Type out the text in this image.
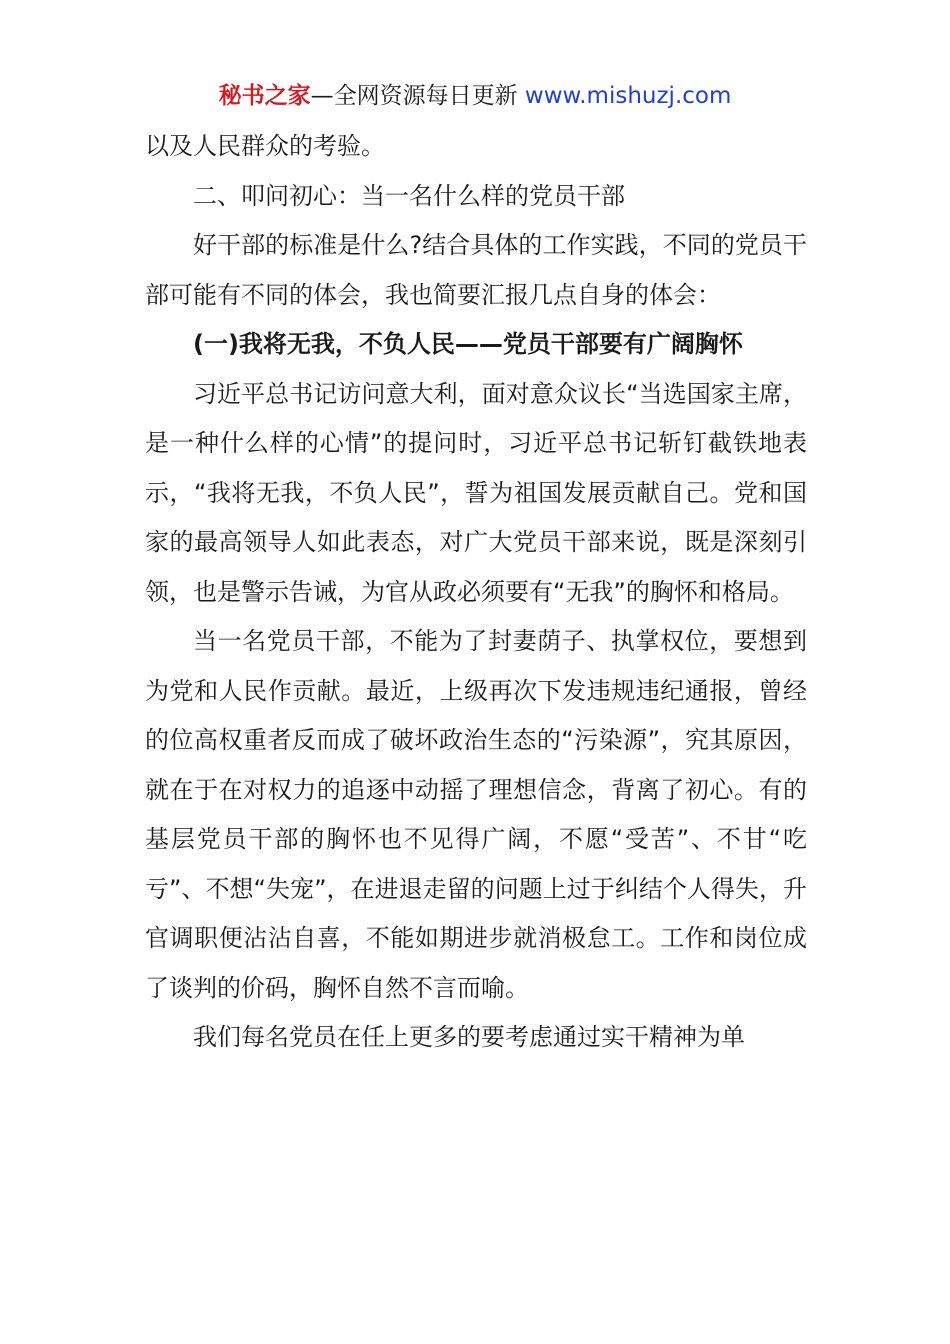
秘书之家—全网资源每日更新 www.mishuzj.com

以及人民群众的考验。

二、叩问初心：当一名什么样的党员干部

好干部的标准是什么?结合具体的工作实践，不同的党员干部可能有不同的体会，我也简要汇报几点自身的体会：

(一)我将无我，不负人民——党员干部要有广阔胸怀

习近平总书记访问意大利，面对意众议长“当选国家主席，是一种什么样的心情”的提问时，习近平总书记斩钉截铁地表示，“我将无我，不负人民”，誓为祖国发展贡献自己。党和国家的最高领导人如此表态，对广大党员干部来说，既是深刻引领，也是警示告诫，为官从政必须要有“无我”的胸怀和格局。

当一名党员干部，不能为了封妻荫子、执掌权位，要想到为党和人民作贡献。最近，上级再次下发违规违纪通报，曾经的位高权重者反而成了破坏政治生态的“污染源”，究其原因，就在于在对权力的追逐中动摇了理想信念，背离了初心。有的基层党员干部的胸怀也不见得广阔，不愿“受苦”、不甘“吃亏”、不想“失宠”，在进退走留的问题上过于纠结个人得失，升官调职便沾沾自喜，不能如期进步就消极怠工。工作和岗位成了谈判的价码，胸怀自然不言而喻。

我们每名党员在任上更多的要考虑通过实干精神为单
